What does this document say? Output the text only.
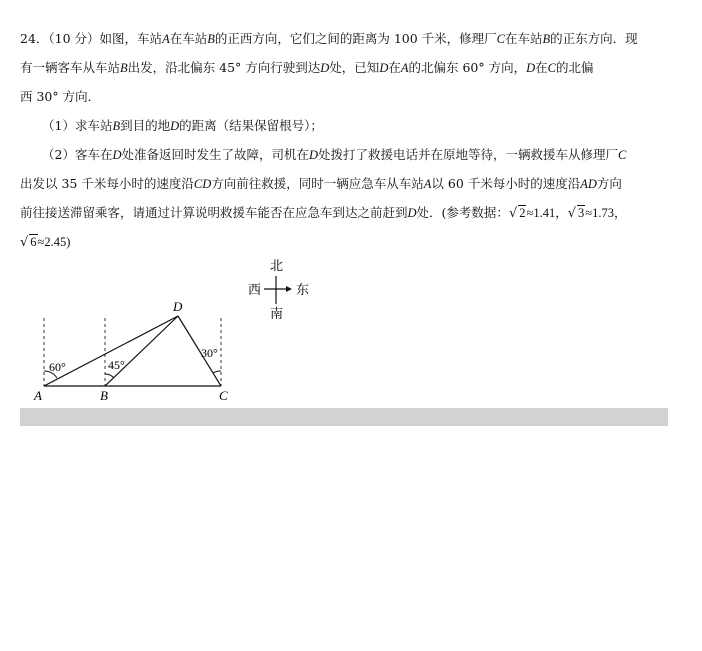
24．（10 分）如图，车站A在车站B的正西方向，它们之间的距离为 100 千米，修理厂C在车站B的正东方向．现
有一辆客车从车站B出发，沿北偏东 45° 方向行驶到达D处，已知D在A的北偏东 60° 方向，D在C的北偏
西 30° 方向．
（1）求车站B到目的地D的距离（结果保留根号）；
（2）客车在D处准备返回时发生了故障，司机在D处拨打了救援电话并在原地等待，一辆救援车从修理厂C
出发以 35 千米每小时的速度沿CD方向前往救援，同时一辆应急车从车站A以 60 千米每小时的速度沿AD方向
前往接送滞留乘客，请通过计算说明救援车能否在应急车到达之前赶到D处．(参考数据：√ 2≈1.41，√ 3≈1.73，
√ 6≈2.45)
60°	45°
30°
A	B	C
D
北
南
西	东
